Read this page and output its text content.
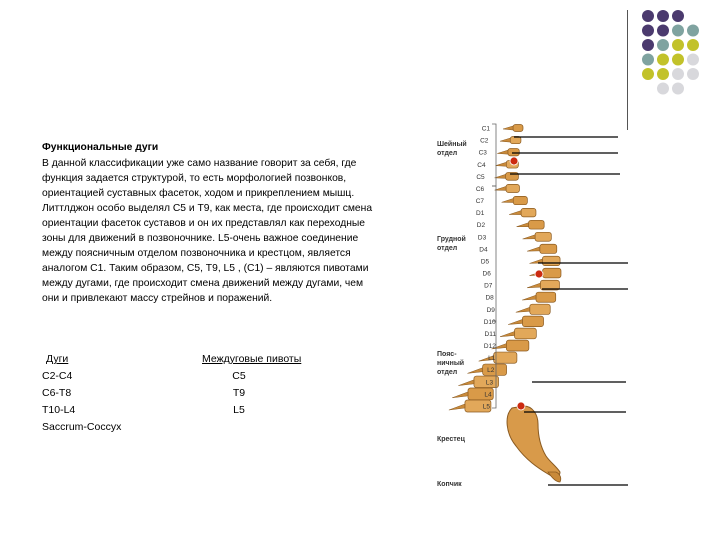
Функциональные дуги

В данной классификации уже само название говорит за себя, где функция задается структурой, то есть морфологией позвонков, ориентацией суставных фасеток, ходом и прикреплением мышц. Литтлджон особо выделял С5 и Т9, как места, где происходит смена ориентации фасеток суставов и он их представлял как переходные зоны для движений в позвоночнике. L5-очень важное соединение между поясничным отделом позвоночника и крестцом, является аналогом С1. Таким образом, С5, Т9, L5 , (C1) – являются пивотами между дугами, где происходит смена движений между дугами, чем они и привлекают массу стрейнов и поражений.

Дуги	Междуговые пивоты
С2-С4	С5
С6-Т8	Т9
Т10-L4	L5
Saccrum-Coccyx
C1
C2
C3
C4
C5
C6
C7
D1
D2
D3
D4
D5
D6
D7
D8
D9
D10
D11
D12
L1
L2
L3
L4
L5
Шейный отдел
Грудной отдел
Пояс-ничный отдел
Крестец
Копчик
